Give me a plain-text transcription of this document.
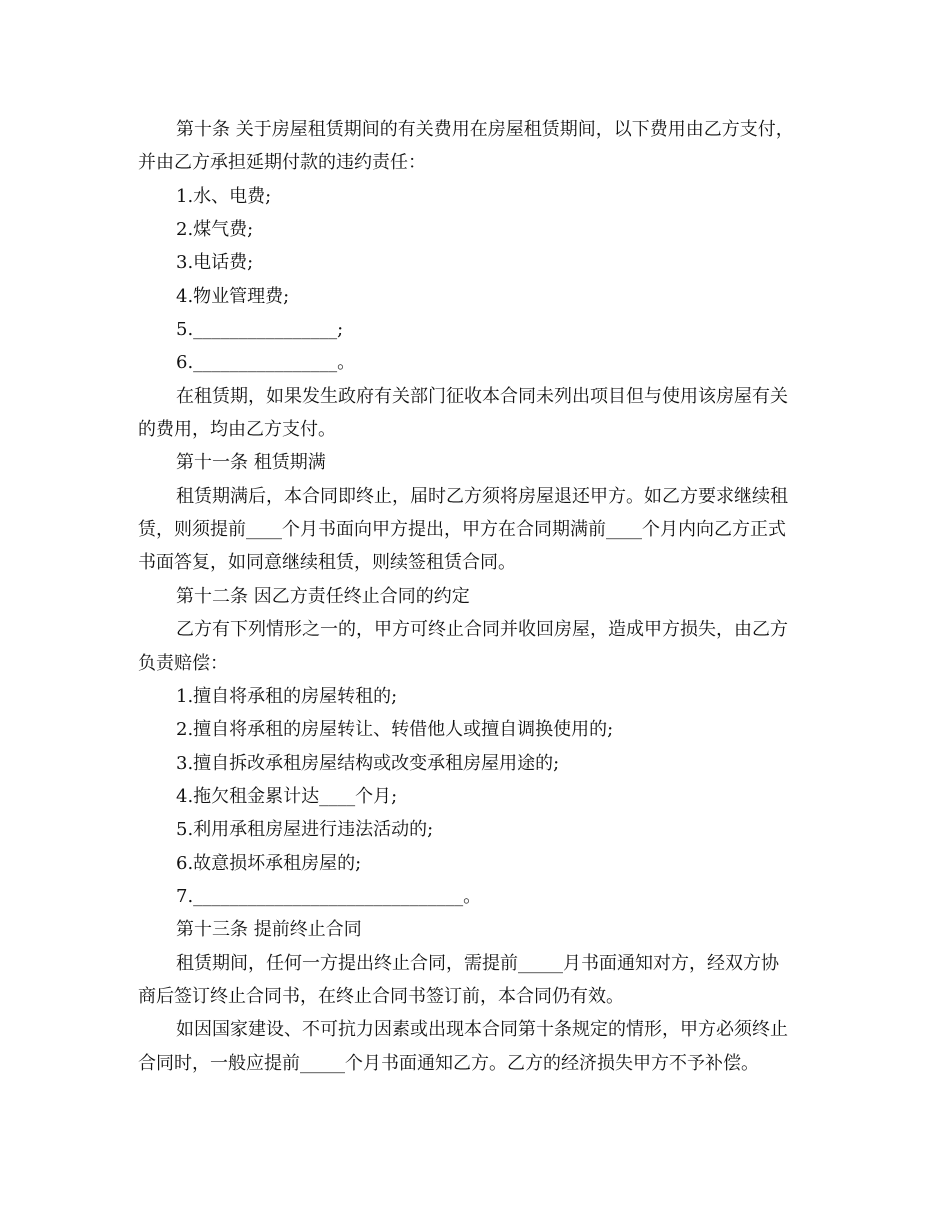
第十条 关于房屋租赁期间的有关费用在房屋租赁期间，以下费用由乙方支付，
并由乙方承担延期付款的违约责任：
1.水、电费;
2.煤气费;
3.电话费;
4.物业管理费;
5.________________;
6.________________。
在租赁期，如果发生政府有关部门征收本合同未列出项目但与使用该房屋有关
的费用，均由乙方支付。
第十一条 租赁期满
租赁期满后，本合同即终止，届时乙方须将房屋退还甲方。如乙方要求继续租
赁，则须提前____个月书面向甲方提出，甲方在合同期满前____个月内向乙方正式
书面答复，如同意继续租赁，则续签租赁合同。
第十二条 因乙方责任终止合同的约定
乙方有下列情形之一的，甲方可终止合同并收回房屋，造成甲方损失，由乙方
负责赔偿：
1.擅自将承租的房屋转租的;
2.擅自将承租的房屋转让、转借他人或擅自调换使用的;
3.擅自拆改承租房屋结构或改变承租房屋用途的;
4.拖欠租金累计达____个月;
5.利用承租房屋进行违法活动的;
6.故意损坏承租房屋的;
7.______________________________。
第十三条 提前终止合同
租赁期间，任何一方提出终止合同，需提前_____月书面通知对方，经双方协
商后签订终止合同书，在终止合同书签订前，本合同仍有效。
如因国家建设、不可抗力因素或出现本合同第十条规定的情形，甲方必须终止
合同时，一般应提前_____个月书面通知乙方。乙方的经济损失甲方不予补偿。
